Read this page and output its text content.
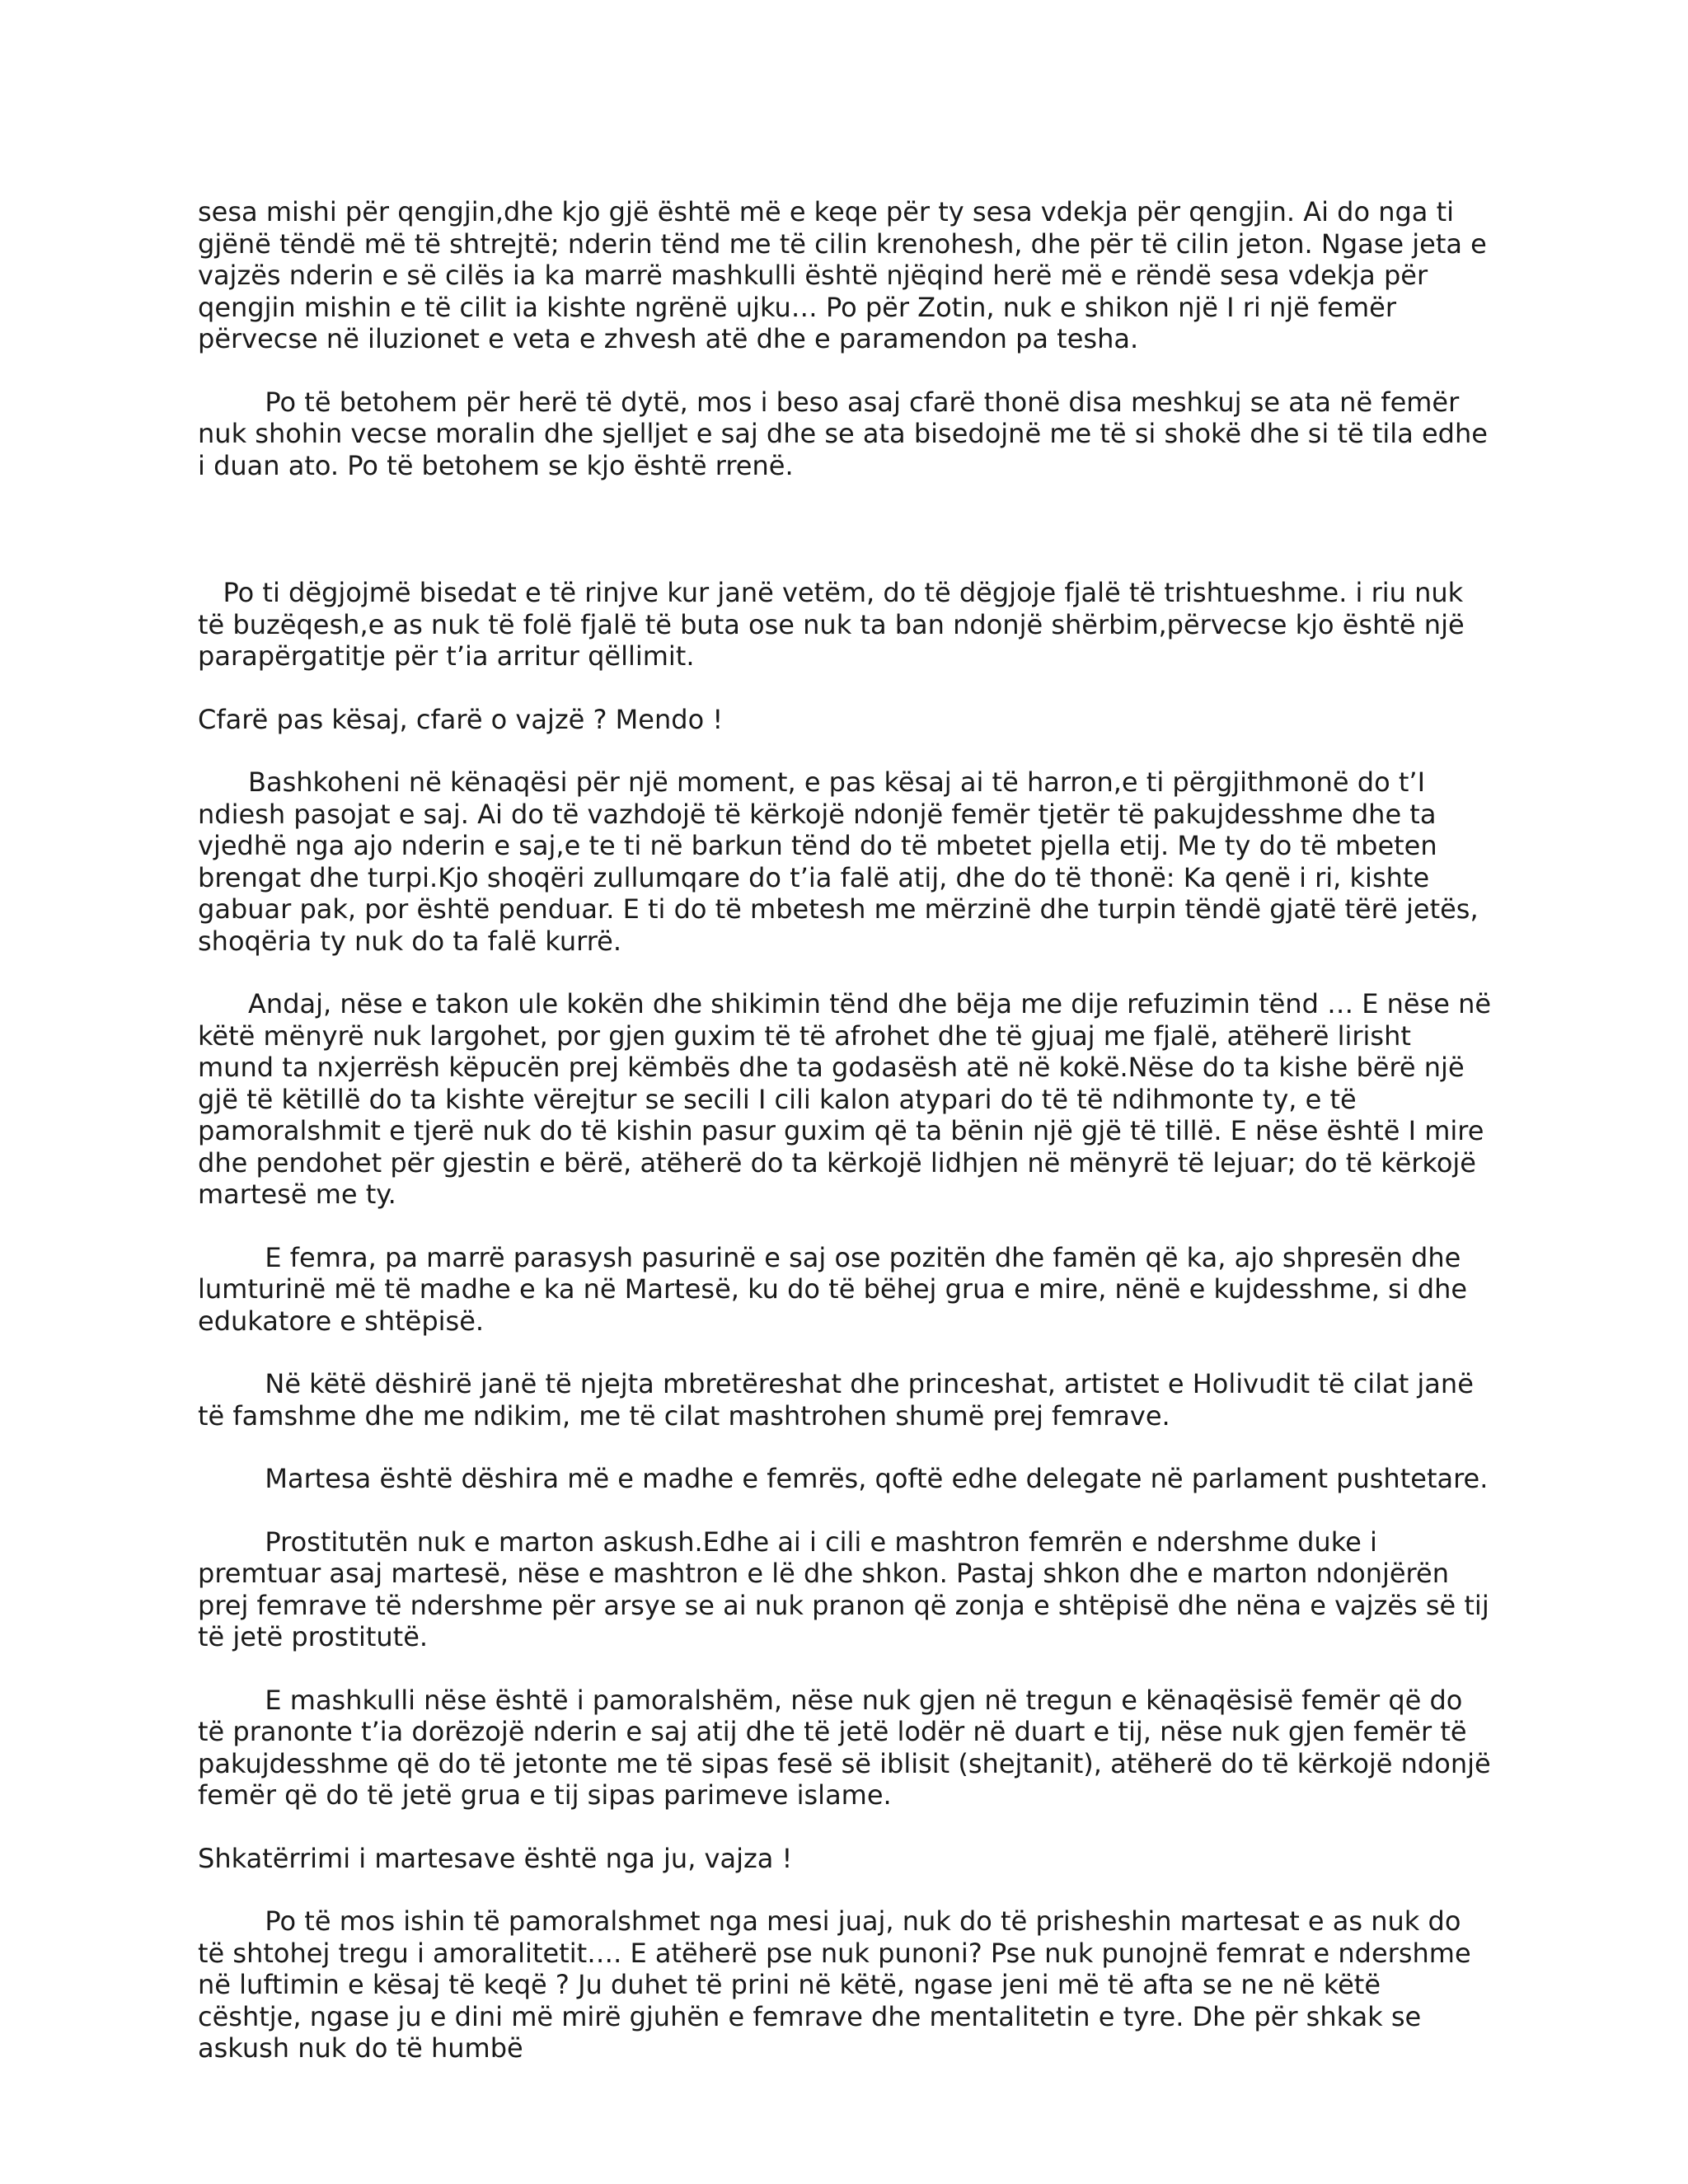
sesa mishi për qengjin,dhe kjo gjë është më e keqe për ty sesa vdekja për qengjin. Ai do nga ti gjënë tëndë më të shtrejtë; nderin tënd me të cilin krenohesh, dhe për të cilin jeton. Ngase jeta e vajzës nderin e së cilës ia ka marrë mashkulli është njëqind herë më e rëndë sesa vdekja për qengjin mishin e të cilit ia kishte ngrënë ujku… Po për Zotin, nuk e shikon një I ri një femër përvecse në iluzionet e veta e zhvesh atë dhe e paramendon pa tesha.

Po të betohem për herë të dytë, mos i beso asaj cfarë thonë disa meshkuj se ata në femër nuk shohin vecse moralin dhe sjelljet e saj dhe se ata bisedojnë me të si shokë dhe si të tila edhe i duan ato. Po të betohem se kjo është rrenë.

Po ti dëgjojmë bisedat e të rinjve kur janë vetëm, do të dëgjoje fjalë të trishtueshme. i riu nuk të buzëqesh,e as nuk të folë fjalë të buta ose nuk ta ban ndonjë shërbim,përvecse kjo është një parapërgatitje për t’ia arritur qëllimit.

Cfarë pas kësaj, cfarë o vajzë ? Mendo !

Bashkoheni në kënaqësi për një moment, e pas kësaj ai të harron,e ti përgjithmonë do t’I ndiesh pasojat e saj. Ai do të vazhdojë të kërkojë ndonjë femër tjetër të pakujdesshme dhe ta vjedhë nga ajo nderin e saj,e te ti në barkun tënd do të mbetet pjella etij. Me ty do të mbeten brengat dhe turpi.Kjo shoqëri zullumqare do t’ia falë atij, dhe do të thonë: Ka qenë i ri, kishte gabuar pak, por është penduar. E ti do të mbetesh me mërzinë dhe turpin tëndë gjatë tërë jetës, shoqëria ty nuk do ta falë kurrë.

Andaj, nëse e takon ule kokën dhe shikimin tënd dhe bëja me dije refuzimin tënd … E nëse në këtë mënyrë nuk largohet, por gjen guxim të të afrohet dhe të gjuaj me fjalë, atëherë lirisht mund ta nxjerrësh këpucën prej këmbës dhe ta godasësh atë në kokë.Nëse do ta kishe bërë një gjë të këtillë do ta kishte vërejtur se secili I cili kalon atypari do të të ndihmonte ty, e të pamoralshmit e tjerë nuk do të kishin pasur guxim që ta bënin një gjë të tillë. E nëse është I mire dhe pendohet për gjestin e bërë, atëherë do ta kërkojë lidhjen në mënyrë të lejuar; do të kërkojë martesë me ty.

E femra, pa marrë parasysh pasurinë e saj ose pozitën dhe famën që ka, ajo shpresën dhe lumturinë më të madhe e ka në Martesë, ku do të bëhej grua e mire, nënë e kujdesshme, si dhe edukatore e shtëpisë.

Në këtë dëshirë janë të njejta mbretëreshat dhe princeshat, artistet e Holivudit të cilat janë të famshme dhe me ndikim, me të cilat mashtrohen shumë prej femrave.

Martesa është dëshira më e madhe e femrës, qoftë edhe delegate në parlament pushtetare.

Prostitutën nuk e marton askush.Edhe ai i cili e mashtron femrën e ndershme duke i premtuar asaj martesë, nëse e mashtron e lë dhe shkon. Pastaj shkon dhe e marton ndonjërën prej femrave të ndershme për arsye se ai nuk pranon që zonja e shtëpisë dhe nëna e vajzës së tij të jetë prostitutë.

E mashkulli nëse është i pamoralshëm, nëse nuk gjen në tregun e kënaqësisë femër që do të pranonte t’ia dorëzojë nderin e saj atij dhe të jetë lodër në duart e tij, nëse nuk gjen femër të pakujdesshme që do të jetonte me të sipas fesë së iblisit (shejtanit), atëherë do të kërkojë ndonjë femër që do të jetë grua e tij sipas parimeve islame.

Shkatërrimi i martesave është nga ju, vajza !

Po të mos ishin të pamoralshmet nga mesi juaj, nuk do të prisheshin martesat e as nuk do të shtohej tregu i amoralitetit…. E atëherë pse nuk punoni? Pse nuk punojnë femrat e ndershme në luftimin e kësaj të keqë ? Ju duhet të prini në këtë, ngase jeni më të afta se ne në këtë cështje, ngase ju e dini më mirë gjuhën e femrave dhe mentalitetin e tyre. Dhe për shkak se askush nuk do të humbë
